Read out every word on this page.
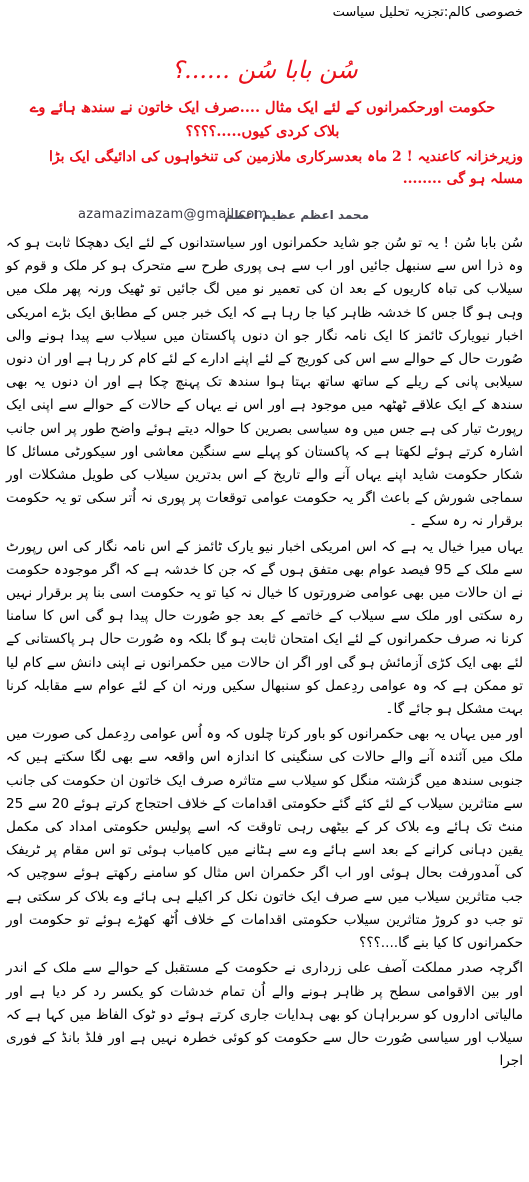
خصوصی کالم:تجزیہ تحلیل سیاست
سُن بابا سُن ......؟
حکومت اورحکمرانوں کے لئے ایک مثال ....صرف ایک خاتون نے سندھ ہائے وے بلاک کردی کیوں.....؟؟؟؟
وزیرخزانہ کاعندیہ ! 2 ماہ بعدسرکاری ملازمین کی تنخواہوں کی ادائیگی ایک بڑا مسلہ ہو گی ........
azamazimazam@gmail.com
محمد اعظم عظیم اعظم

سُن بابا سُن ! یہ تو سُن جو شاید حکمرانوں اور سیاستدانوں کے لئے ایک دھچکا ثابت ہو کہ وہ ذرا اس سے سنبھل جائیں اور اب سے ہی پوری طرح سے متحرک ہو کر ملک و قوم کو سیلاب کی تباہ کاریوں کے بعد ان کی تعمیر نو میں لگ جائیں تو ٹھیک ورنہ پھر ملک میں وہی ہو گا جس کا خدشہ ظاہر کیا جا رہا ہے کہ ایک خبر جس کے مطابق ایک بڑے امریکی اخبار نیویارک ٹائمز کا ایک نامہ نگار جو ان دنوں پاکستان میں سیلاب سے پیدا ہونے والی صُورت حال کے حوالے سے اس کی کوریج کے لئے اپنے ادارے کے لئے کام کر رہا ہے اور ان دنوں سیلابی پانی کے ریلے کے ساتھ ساتھ بہتا ہوا سندھ تک پہنچ چکا ہے اور ان دنوں یہ بھی سندھ کے ایک علاقے ٹھٹھہ میں موجود ہے اور اس نے یہاں کے حالات کے حوالے سے اپنی ایک رپورٹ تیار کی ہے جس میں وہ سیاسی بصرین کا حوالہ دیتے ہوئے واضح طور پر اس جانب اشارہ کرتے ہوئے لکھتا ہے کہ پاکستان کو پہلے سے سنگین معاشی اور سیکورٹی مسائل کا شکار حکومت شاید اپنے یہاں آنے والے تاریخ کے اس بدترین سیلاب کی طویل مشکلات اور سماجی شورش کے باعث اگر یہ حکومت عوامی توقعات پر پوری نہ اُتر سکی تو یہ حکومت برقرار نہ رہ سکے ۔

یہاں میرا خیال یہ ہے کہ اس امریکی اخبار نیو یارک ٹائمز کے اس نامہ نگار کی اس رپورٹ سے ملک کے 95 فیصد عوام بھی متفق ہوں گے کہ جن کا خدشہ ہے کہ اگر موجودہ حکومت نے ان حالات میں بھی عوامی ضرورتوں کا خیال نہ کیا تو یہ حکومت اسی بنا پر برقرار نہیں رہ سکتی اور ملک سے سیلاب کے خاتمے کے بعد جو صُورت حال پیدا ہو گی اس کا سامنا کرنا نہ صرف حکمرانوں کے لئے ایک امتحان ثابت ہو گا بلکہ وہ صُورت حال ہر پاکستانی کے لئے بھی ایک کڑی آزمائش ہو گی اور اگر ان حالات میں حکمرانوں نے اپنی دانش سے کام لیا تو ممکن ہے کہ وہ عوامی ردِعمل کو سنبھال سکیں ورنہ ان کے لئے عوام سے مقابلہ کرنا بہت مشکل ہو جائے گا۔

اور میں یہاں یہ بھی حکمرانوں کو باور کرتا چلوں کہ وہ اُس عوامی ردِعمل کی صورت میں ملک میں آئندہ آنے والے حالات کی سنگینی کا اندازہ اس واقعہ سے بھی لگا سکتے ہیں کہ جنوبی سندھ میں گزشتہ منگل کو سیلاب سے متاثرہ صرف ایک خاتون ان حکومت کی جانب سے متاثرین سیلاب کے لئے کئے گئے حکومتی اقدامات کے خلاف احتجاج کرتے ہوئے 20 سے 25 منٹ تک ہائے وے بلاک کر کے بیٹھی رہی تاوقت کہ اسے پولیس حکومتی امداد کی مکمل یقین دہانی کرانے کے بعد اسے ہائے وے سے ہٹانے میں کامیاب ہوئی تو اس مقام پر ٹریفک کی آمدورفت بحال ہوئی اور اب اگر حکمران اس مثال کو سامنے رکھتے ہوئے سوچیں کہ جب متاثرین سیلاب میں سے صرف ایک خاتون نکل کر اکیلے ہی ہائے وے بلاک کر سکتی ہے تو جب دو کروڑ متاثرین سیلاب حکومتی اقدامات کے خلاف اُٹھ کھڑے ہوئے تو حکومت اور حکمرانوں کا کیا بنے گا....؟؟؟

اگرچہ صدر مملکت آصف علی زرداری نے حکومت کے مستقبل کے حوالے سے ملک کے اندر اور بین الاقوامی سطح پر ظاہر ہونے والے اُن تمام خدشات کو یکسر رد کر دیا ہے اور مالیاتی اداروں کو سربراہان کو بھی ہدایات جاری کرتے ہوئے دو ٹوک الفاظ میں کہا ہے کہ سیلاب اور سیاسی صُورت حال سے حکومت کو کوئی خطرہ نہیں ہے اور فلڈ بانڈ کے فوری اجرا
